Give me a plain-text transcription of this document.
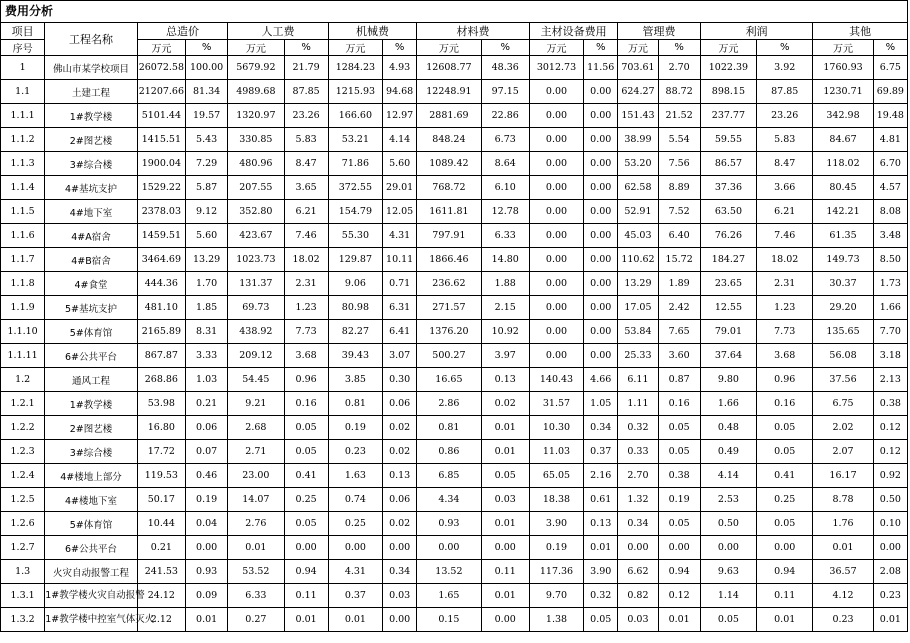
费用分析
项目	工程名称	总造价		人工费		机械费		材料费		主材设备费用		管理费		利润		其他	
序号		万元	%	万元	%	万元	%	万元	%	万元	%	万元	%	万元	%	万元	%
1	佛山市某学校项目	26072.58	100.00	5679.92	21.79	1284.23	4.93	12608.77	48.36	3012.73	11.56	703.61	2.70	1022.39	3.92	1760.93	6.75
1.1	土建工程	21207.66	81.34	4989.68	87.85	1215.93	94.68	12248.91	97.15	0.00	0.00	624.27	88.72	898.15	87.85	1230.71	69.89
1.1.1	1#教学楼	5101.44	19.57	1320.97	23.26	166.60	12.97	2881.69	22.86	0.00	0.00	151.43	21.52	237.77	23.26	342.98	19.48
1.1.2	2#图艺楼	1415.51	5.43	330.85	5.83	53.21	4.14	848.24	6.73	0.00	0.00	38.99	5.54	59.55	5.83	84.67	4.81
1.1.3	3#综合楼	1900.04	7.29	480.96	8.47	71.86	5.60	1089.42	8.64	0.00	0.00	53.20	7.56	86.57	8.47	118.02	6.70
1.1.4	4#基坑支护	1529.22	5.87	207.55	3.65	372.55	29.01	768.72	6.10	0.00	0.00	62.58	8.89	37.36	3.66	80.45	4.57
1.1.5	4#地下室	2378.03	9.12	352.80	6.21	154.79	12.05	1611.81	12.78	0.00	0.00	52.91	7.52	63.50	6.21	142.21	8.08
1.1.6	4#A宿舍	1459.51	5.60	423.67	7.46	55.30	4.31	797.91	6.33	0.00	0.00	45.03	6.40	76.26	7.46	61.35	3.48
1.1.7	4#B宿舍	3464.69	13.29	1023.73	18.02	129.87	10.11	1866.46	14.80	0.00	0.00	110.62	15.72	184.27	18.02	149.73	8.50
1.1.8	4#食堂	444.36	1.70	131.37	2.31	9.06	0.71	236.62	1.88	0.00	0.00	13.29	1.89	23.65	2.31	30.37	1.73
1.1.9	5#基坑支护	481.10	1.85	69.73	1.23	80.98	6.31	271.57	2.15	0.00	0.00	17.05	2.42	12.55	1.23	29.20	1.66
1.1.10	5#体育馆	2165.89	8.31	438.92	7.73	82.27	6.41	1376.20	10.92	0.00	0.00	53.84	7.65	79.01	7.73	135.65	7.70
1.1.11	6#公共平台	867.87	3.33	209.12	3.68	39.43	3.07	500.27	3.97	0.00	0.00	25.33	3.60	37.64	3.68	56.08	3.18
1.2	通风工程	268.86	1.03	54.45	0.96	3.85	0.30	16.65	0.13	140.43	4.66	6.11	0.87	9.80	0.96	37.56	2.13
1.2.1	1#教学楼	53.98	0.21	9.21	0.16	0.81	0.06	2.86	0.02	31.57	1.05	1.11	0.16	1.66	0.16	6.75	0.38
1.2.2	2#图艺楼	16.80	0.06	2.68	0.05	0.19	0.02	0.81	0.01	10.30	0.34	0.32	0.05	0.48	0.05	2.02	0.12
1.2.3	3#综合楼	17.72	0.07	2.71	0.05	0.23	0.02	0.86	0.01	11.03	0.37	0.33	0.05	0.49	0.05	2.07	0.12
1.2.4	4#楼地上部分	119.53	0.46	23.00	0.41	1.63	0.13	6.85	0.05	65.05	2.16	2.70	0.38	4.14	0.41	16.17	0.92
1.2.5	4#楼地下室	50.17	0.19	14.07	0.25	0.74	0.06	4.34	0.03	18.38	0.61	1.32	0.19	2.53	0.25	8.78	0.50
1.2.6	5#体育馆	10.44	0.04	2.76	0.05	0.25	0.02	0.93	0.01	3.90	0.13	0.34	0.05	0.50	0.05	1.76	0.10
1.2.7	6#公共平台	0.21	0.00	0.01	0.00	0.00	0.00	0.00	0.00	0.19	0.01	0.00	0.00	0.00	0.00	0.01	0.00
1.3	火灾自动报警工程	241.53	0.93	53.52	0.94	4.31	0.34	13.52	0.11	117.36	3.90	6.62	0.94	9.63	0.94	36.57	2.08
1.3.1	1#教学楼火灾自动报警	24.12	0.09	6.33	0.11	0.37	0.03	1.65	0.01	9.70	0.32	0.82	0.12	1.14	0.11	4.12	0.23
1.3.2	1#教学楼中控室气体灭火	2.12	0.01	0.27	0.01	0.01	0.00	0.15	0.00	1.38	0.05	0.03	0.01	0.05	0.01	0.23	0.01
